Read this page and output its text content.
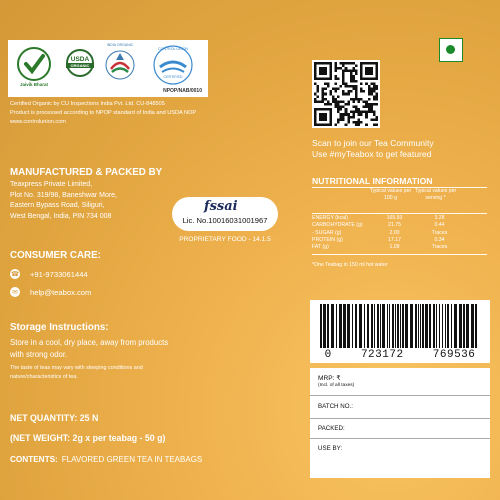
Jaivik Bharat
USDA
ORGANIC
INDIA ORGANIC
CONTROL UNION
CERTIFIED
NPOP/NAB/0010
Certified Organic by CU Inspections India Pvt. Ltd. CU-848505
Product is processed according to NPOP standard of India and USDA NOP
www.controlunion.com
Scan to join our Tea Community
Use #myTeabox to get featured
MANUFACTURED & PACKED BY
Teaxpress Private Limited,
Plot No. 319/98, Baneshwar More,
Eastern Bypass Road, Siliguri,
West Bengal, India, PIN 734 008
fssai
Lic. No.10016031001967
PROPRIETARY FOOD - 14.1.5
CONSUMER CARE:
☎ +91-9733061444
✉	help@teabox.com
Storage Instructions:
Store in a cool, dry place, away from products with strong odor.
The taste of teas may vary with steeping conditions and nature/characteristics of tea.
NET QUANTITY: 25 N
(NET WEIGHT: 2g x per teabag - 50 g)
CONTENTS: FLAVORED GREEN TEA IN TEABAGS
NUTRITIONAL INFORMATION
Typical values per 100 g
Typical values per serving *
ENERGY (kcal)	165.93	3.28
CARBOHYDRATE (g)	21.75	0.44
- SUGAR (g)	2.00	Traces
PROTEIN (g)	17.17	0.34
FAT (g)	1.09	Traces
*One Teabag in 150 ml hot water
0	723172	769536
MRP: ₹
(Incl. of all taxes)
BATCH NO.:
PACKED:
USE BY:
